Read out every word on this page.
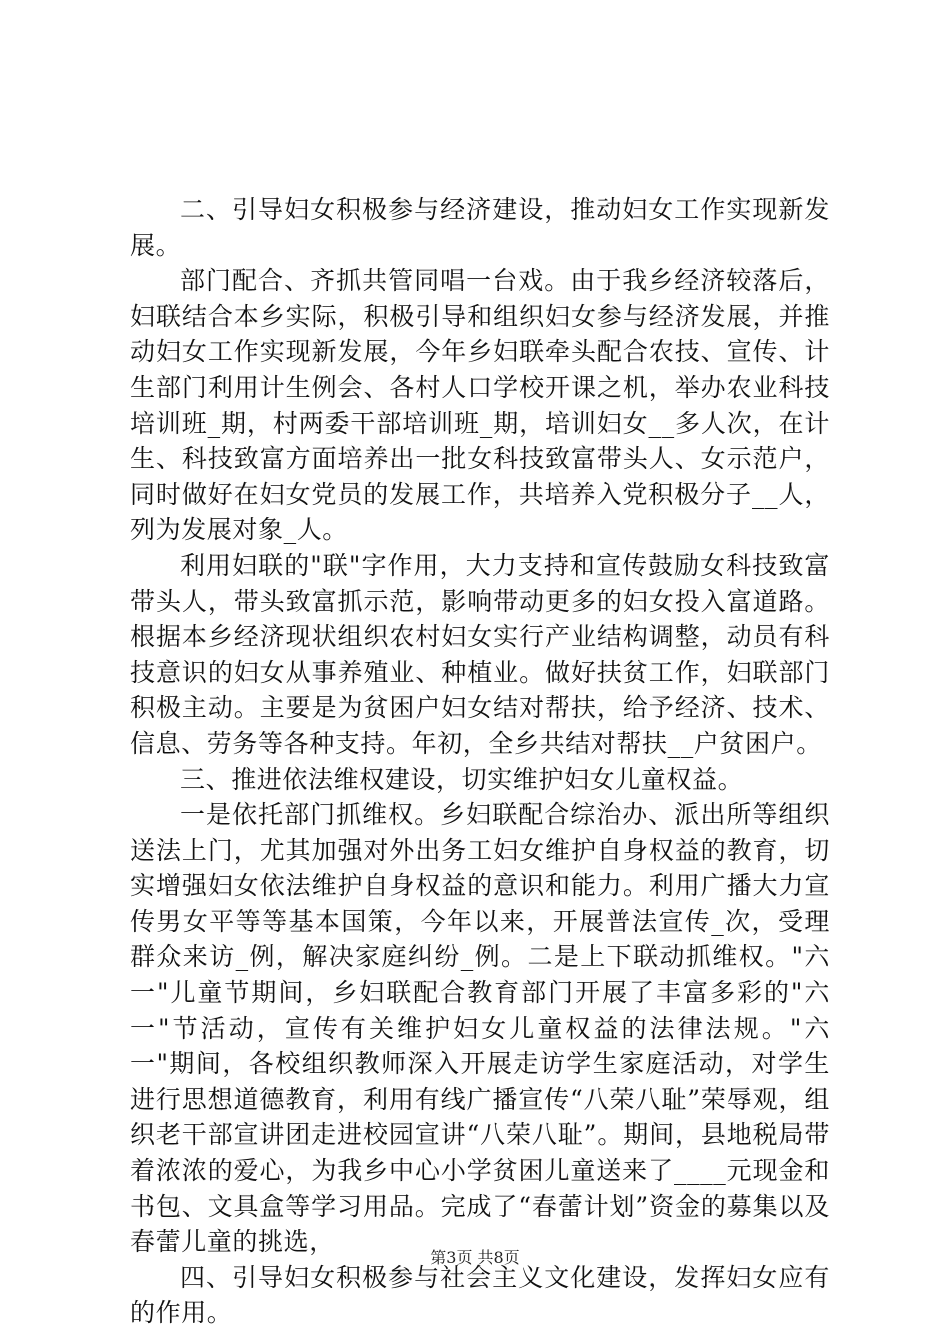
二、引导妇女积极参与经济建设，推动妇女工作实现新发展。

部门配合、齐抓共管同唱一台戏。由于我乡经济较落后，妇联结合本乡实际，积极引导和组织妇女参与经济发展，并推动妇女工作实现新发展，今年乡妇联牵头配合农技、宣传、计生部门利用计生例会、各村人口学校开课之机，举办农业科技培训班_期，村两委干部培训班_期，培训妇女__多人次，在计生、科技致富方面培养出一批女科技致富带头人、女示范户，同时做好在妇女党员的发展工作，共培养入党积极分子__人，列为发展对象_人。

利用妇联的"联"字作用，大力支持和宣传鼓励女科技致富带头人，带头致富抓示范，影响带动更多的妇女投入富道路。根据本乡经济现状组织农村妇女实行产业结构调整，动员有科技意识的妇女从事养殖业、种植业。做好扶贫工作，妇联部门积极主动。主要是为贫困户妇女结对帮扶，给予经济、技术、信息、劳务等各种支持。年初，全乡共结对帮扶__户贫困户。

三、推进依法维权建设，切实维护妇女儿童权益。

一是依托部门抓维权。乡妇联配合综治办、派出所等组织送法上门，尤其加强对外出务工妇女维护自身权益的教育，切实增强妇女依法维护自身权益的意识和能力。利用广播大力宣传男女平等等基本国策，今年以来，开展普法宣传_次，受理群众来访_例，解决家庭纠纷_例。二是上下联动抓维权。"六一"儿童节期间，乡妇联配合教育部门开展了丰富多彩的"六一"节活动，宣传有关维护妇女儿童权益的法律法规。"六一"期间，各校组织教师深入开展走访学生家庭活动，对学生进行思想道德教育，利用有线广播宣传“八荣八耻”荣辱观，组织老干部宣讲团走进校园宣讲“八荣八耻”。期间，县地税局带着浓浓的爱心，为我乡中心小学贫困儿童送来了____元现金和书包、文具盒等学习用品。完成了“春蕾计划”资金的募集以及春蕾儿童的挑选，

四、引导妇女积极参与社会主义文化建设，发挥妇女应有的作用。

第3页 共8页
